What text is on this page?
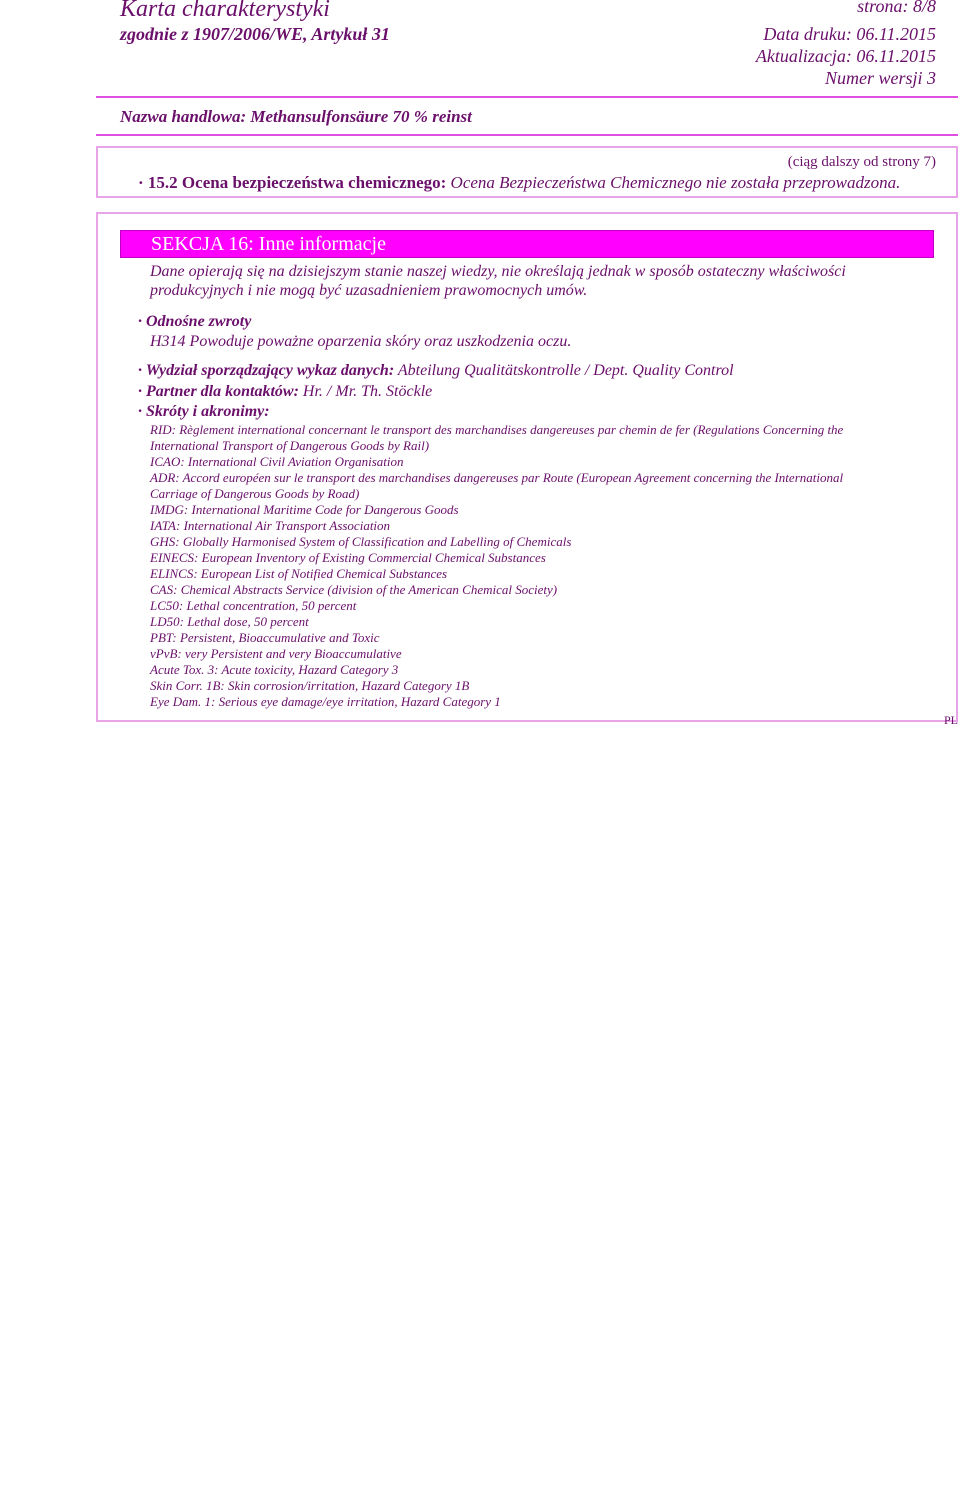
Karta charakterystyki
zgodnie z 1907/2006/WE, Artykuł 31
strona: 8/8
Data druku: 06.11.2015
Aktualizacja: 06.11.2015
Numer wersji 3
Nazwa handlowa: Methansulfonsäure 70 % reinst
(ciąg dalszy od strony 7)
· 15.2 Ocena bezpieczeństwa chemicznego: Ocena Bezpieczeństwa Chemicznego nie została przeprowadzona.
SEKCJA 16: Inne informacje
Dane opierają się na dzisiejszym stanie naszej wiedzy, nie określają jednak w sposób ostateczny właściwości
produkcyjnych i nie mogą być uzasadnieniem prawomocnych umów.
· Odnośne zwroty
H314 Powoduje poważne oparzenia skóry oraz uszkodzenia oczu.
· Wydział sporządzający wykaz danych: Abteilung Qualitätskontrolle / Dept. Quality Control
· Partner dla kontaktów: Hr. / Mr. Th. Stöckle
· Skróty i akronimy:
RID: Règlement international concernant le transport des marchandises dangereuses par chemin de fer (Regulations Concerning the
International Transport of Dangerous Goods by Rail)
ICAO: International Civil Aviation Organisation
ADR: Accord européen sur le transport des marchandises dangereuses par Route (European Agreement concerning the International
Carriage of Dangerous Goods by Road)
IMDG: International Maritime Code for Dangerous Goods
IATA: International Air Transport Association
GHS: Globally Harmonised System of Classification and Labelling of Chemicals
EINECS: European Inventory of Existing Commercial Chemical Substances
ELINCS: European List of Notified Chemical Substances
CAS: Chemical Abstracts Service (division of the American Chemical Society)
LC50: Lethal concentration, 50 percent
LD50: Lethal dose, 50 percent
PBT: Persistent, Bioaccumulative and Toxic
vPvB: very Persistent and very Bioaccumulative
Acute Tox. 3: Acute toxicity, Hazard Category 3
Skin Corr. 1B: Skin corrosion/irritation, Hazard Category 1B
Eye Dam. 1: Serious eye damage/eye irritation, Hazard Category 1
PL
